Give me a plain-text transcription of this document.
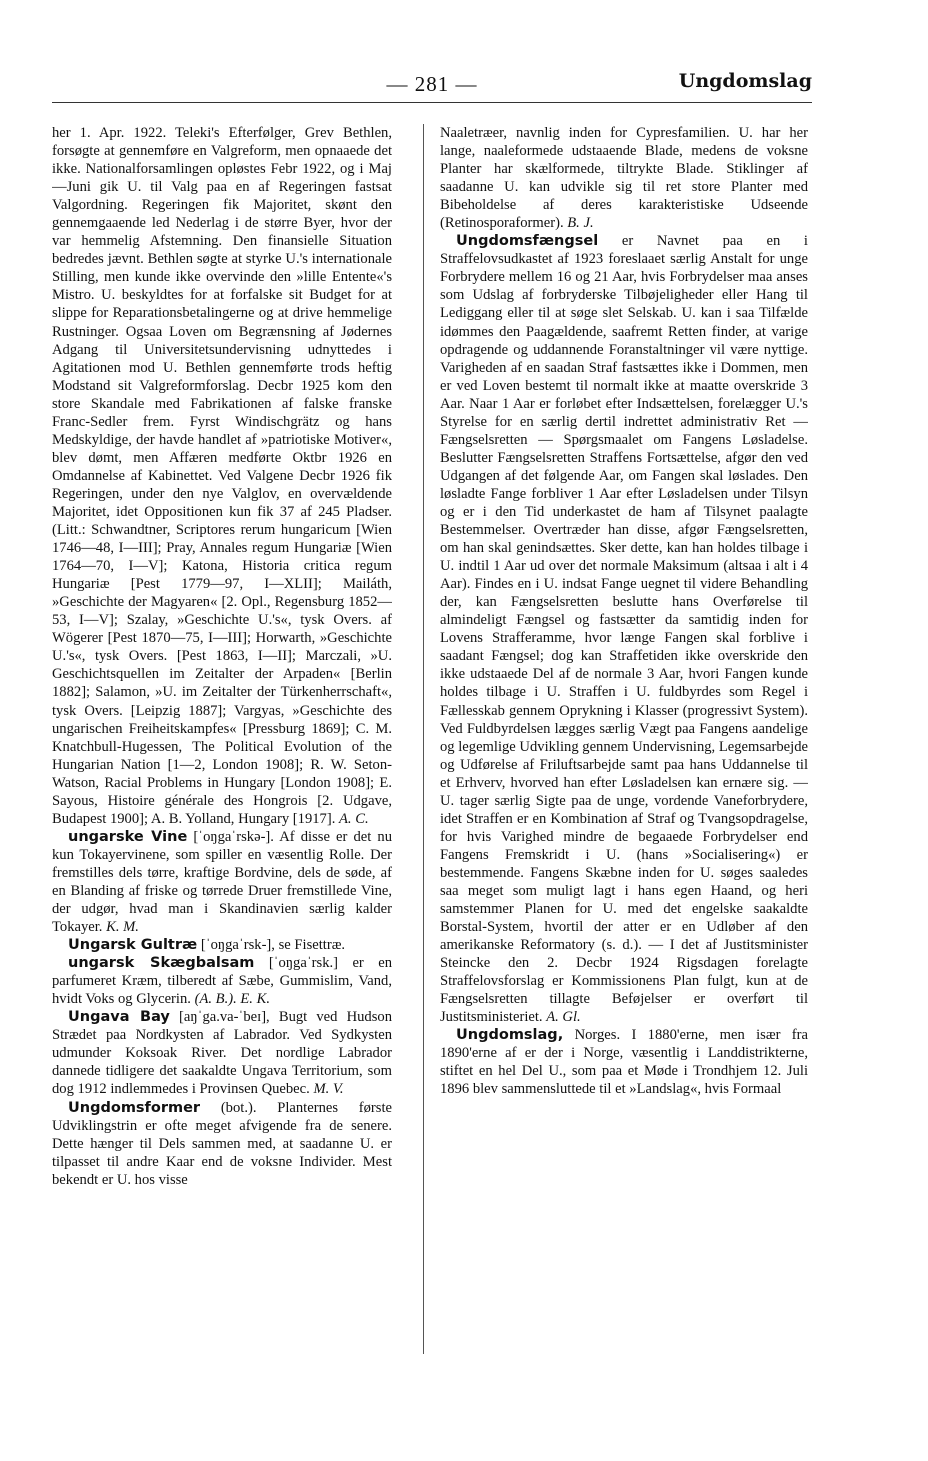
— 281 —	Ungdomslag

her 1. Apr. 1922. Teleki's Efterfølger, Grev Bethlen, forsøgte at gennemføre en Valgreform, men opnaaede det ikke. Nationalforsamlingen opløstes Febr 1922, og i Maj—Juni gik U. til Valg paa en af Regeringen fastsat Valgordning. Regeringen fik Majoritet, skønt den gennemgaaende led Nederlag i de større Byer, hvor der var hemmelig Afstemning. Den finansielle Situation bedredes jævnt. Bethlen søgte at styrke U.'s internationale Stilling, men kunde ikke overvinde den »lille Entente«'s Mistro. U. beskyldtes for at forfalske sit Budget for at slippe for Reparationsbetalingerne og at drive hemmelige Rustninger. Ogsaa Loven om Begrænsning af Jødernes Adgang til Universitetsundervisning udnyttedes i Agitationen mod U. Bethlen gennemførte trods heftig Modstand sit Valgreformforslag. Decbr 1925 kom den store Skandale med Fabrikationen af falske franske Franc-Sedler frem. Fyrst Windischgrätz og hans Medskyldige, der havde handlet af »patriotiske Motiver«, blev dømt, men Affæren medførte Oktbr 1926 en Omdannelse af Kabinettet. Ved Valgene Decbr 1926 fik Regeringen, under den nye Valglov, en overvældende Majoritet, idet Oppositionen kun fik 37 af 245 Pladser. (Litt.: Schwandtner, Scriptores rerum hungaricum [Wien 1746—48, I—III]; Pray, Annales regum Hungariæ [Wien 1764—70, I—V]; Katona, Historia critica regum Hungariæ [Pest 1779—97, I—XLII]; Mailáth, »Geschichte der Magyaren« [2. Opl., Regensburg 1852—53, I—V]; Szalay, »Geschichte U.'s«, tysk Overs. af Wögerer [Pest 1870—75, I—III]; Horwarth, »Geschichte U.'s«, tysk Overs. [Pest 1863, I—II]; Marczali, »U. Geschichtsquellen im Zeitalter der Arpaden« [Berlin 1882]; Salamon, »U. im Zeitalter der Türkenherrschaft«, tysk Overs. [Leipzig 1887]; Vargyas, »Geschichte des ungarischen Freiheitskampfes« [Pressburg 1869]; C. M. Knatchbull-Hugessen, The Political Evolution of the Hungarian Nation [1—2, London 1908]; R. W. Seton-Watson, Racial Problems in Hungary [London 1908]; E. Sayous, Histoire générale des Hongrois [2. Udgave, Budapest 1900]; A. B. Yolland, Hungary [1917]. A. C.

ungarske Vine [ˈoŋgaˈrskə-]. Af disse er det nu kun Tokayervinene, som spiller en væsentlig Rolle. Der fremstilles dels tørre, kraftige Bordvine, dels de søde, af en Blanding af friske og tørrede Druer fremstillede Vine, der udgør, hvad man i Skandinavien særlig kalder Tokayer. K. M.

Ungarsk Gultræ [ˈoŋgaˈrsk-], se Fisettræ.

ungarsk Skægbalsam [ˈoŋgaˈrsk.] er en parfumeret Kræm, tilberedt af Sæbe, Gummislim, Vand, hvidt Voks og Glycerin. (A. B.). E. K.

Ungava Bay [aŋˈga.va-ˈbeɪ], Bugt ved Hudson Strædet paa Nordkysten af Labrador. Ved Sydkysten udmunder Koksoak River. Det nordlige Labrador dannede tidligere det saakaldte Ungava Territorium, som dog 1912 indlemmedes i Provinsen Quebec. M. V.

Ungdomsformer (bot.). Planternes første Udviklingstrin er ofte meget afvigende fra de senere. Dette hænger til Dels sammen med, at saadanne U. er tilpasset til andre Kaar end de voksne Individer. Mest bekendt er U. hos visse

Naaletræer, navnlig inden for Cypresfamilien. U. har her lange, naaleformede udstaaende Blade, medens de voksne Planter har skælformede, tiltrykte Blade. Stiklinger af saadanne U. kan udvikle sig til ret store Planter med Bibeholdelse af deres karakteristiske Udseende (Retinosporaformer). B. J.

Ungdomsfængsel er Navnet paa en i Straffelovsudkastet af 1923 foreslaaet særlig Anstalt for unge Forbrydere mellem 16 og 21 Aar, hvis Forbrydelser maa anses som Udslag af forbryderske Tilbøjeligheder eller Hang til Lediggang eller til at søge slet Selskab. U. kan i saa Tilfælde idømmes den Paagældende, saafremt Retten finder, at varige opdragende og uddannende Foranstaltninger vil være nyttige. Varigheden af en saadan Straf fastsættes ikke i Dommen, men er ved Loven bestemt til normalt ikke at maatte overskride 3 Aar. Naar 1 Aar er forløbet efter Indsættelsen, forelægger U.'s Styrelse for en særlig dertil indrettet administrativ Ret — Fængselsretten — Spørgsmaalet om Fangens Løsladelse. Beslutter Fængselsretten Straffens Fortsættelse, afgør den ved Udgangen af det følgende Aar, om Fangen skal løslades. Den løsladte Fange forbliver 1 Aar efter Løsladelsen under Tilsyn og er i den Tid underkastet de ham af Tilsynet paalagte Bestemmelser. Overtræder han disse, afgør Fængselsretten, om han skal genindsættes. Sker dette, kan han holdes tilbage i U. indtil 1 Aar ud over det normale Maksimum (altsaa i alt i 4 Aar). Findes en i U. indsat Fange uegnet til videre Behandling der, kan Fængselsretten beslutte hans Overførelse til almindeligt Fængsel og fastsætter da samtidig inden for Lovens Strafferamme, hvor længe Fangen skal forblive i saadant Fængsel; dog kan Straffetiden ikke overskride den ikke udstaaede Del af de normale 3 Aar, hvori Fangen kunde holdes tilbage i U. Straffen i U. fuldbyrdes som Regel i Fællesskab gennem Oprykning i Klasser (progressivt System). Ved Fuldbyrdelsen lægges særlig Vægt paa Fangens aandelige og legemlige Udvikling gennem Undervisning, Legemsarbejde og Udførelse af Friluftsarbejde samt paa hans Uddannelse til et Erhverv, hvorved han efter Løsladelsen kan ernære sig. — U. tager særlig Sigte paa de unge, vordende Vaneforbrydere, idet Straffen er en Kombination af Straf og Tvangsopdragelse, for hvis Varighed mindre de begaaede Forbrydelser end Fangens Fremskridt i U. (hans »Socialisering«) er bestemmende. Fangens Skæbne inden for U. søges saaledes saa meget som muligt lagt i hans egen Haand, og heri samstemmer Planen for U. med det engelske saakaldte Borstal-System, hvortil der atter er en Udløber af den amerikanske Reformatory (s. d.). — I det af Justitsminister Steincke den 2. Decbr 1924 Rigsdagen forelagte Straffelovsforslag er Kommissionens Plan fulgt, kun at de Fængselsretten tillagte Beføjelser er overført til Justitsministeriet. A. Gl.

Ungdomslag, Norges. I 1880'erne, men især fra 1890'erne af er der i Norge, væsentlig i Landdistrikterne, stiftet en hel Del U., som paa et Møde i Trondhjem 12. Juli 1896 blev sammensluttede til et »Landslag«, hvis Formaal
